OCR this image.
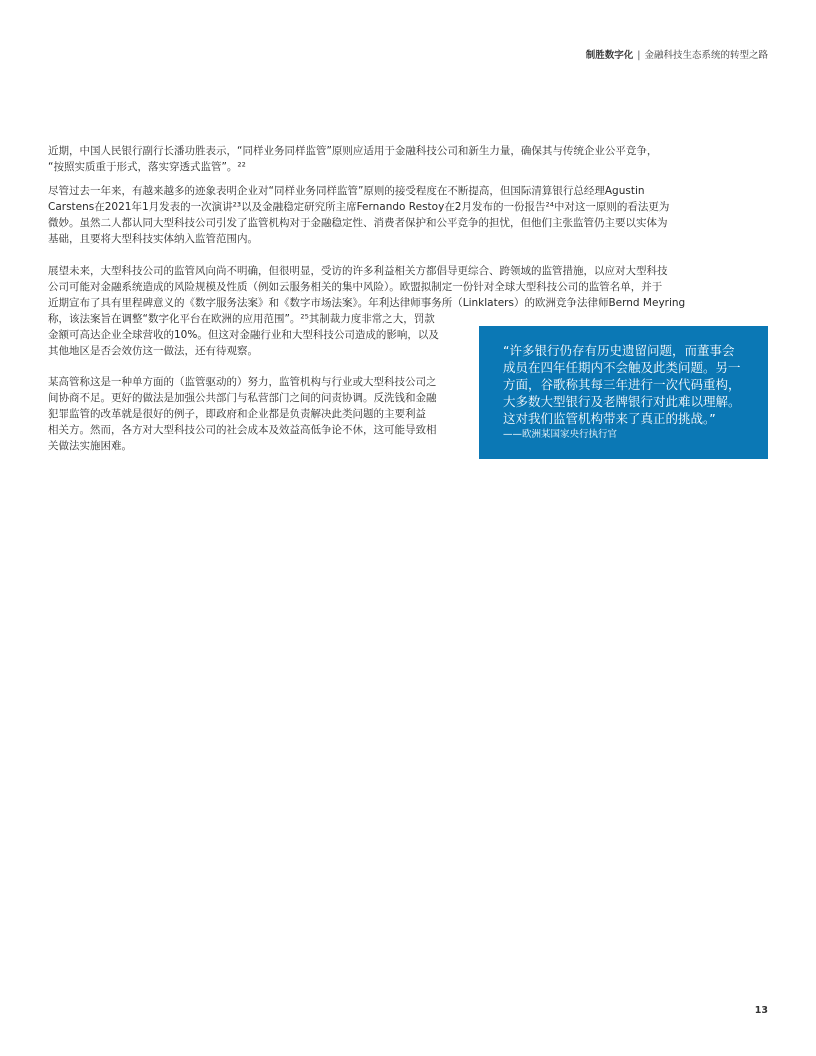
制胜数字化 | 金融科技生态系统的转型之路

近期，中国人民银行副行长潘功胜表示，“同样业务同样监管”原则应适用于金融科技公司和新生力量，确保其与传统企业公平竞争，
“按照实质重于形式，落实穿透式监管”。²²

尽管过去一年来，有越来越多的迹象表明企业对“同样业务同样监管”原则的接受程度在不断提高，但国际清算银行总经理Agustin
Carstens在2021年1月发表的一次演讲²³以及金融稳定研究所主席Fernando Restoy在2月发布的一份报告²⁴中对这一原则的看法更为
微妙。虽然二人都认同大型科技公司引发了监管机构对于金融稳定性、消费者保护和公平竞争的担忧，但他们主张监管仍主要以实体为
基础，且要将大型科技实体纳入监管范围内。

展望未来，大型科技公司的监管风向尚不明确，但很明显，受访的许多利益相关方都倡导更综合、跨领域的监管措施，以应对大型科技
公司可能对金融系统造成的风险规模及性质（例如云服务相关的集中风险）。欧盟拟制定一份针对全球大型科技公司的监管名单，并于
近期宣布了具有里程碑意义的《数字服务法案》和《数字市场法案》。年利达律师事务所（Linklaters）的欧洲竞争法律师Bernd Meyring
称，该法案旨在调整“数字化平台在欧洲的应用范围”。²⁵其制裁力度非常之大，罚款
金额可高达企业全球营收的10%。但这对金融行业和大型科技公司造成的影响，以及
其他地区是否会效仿这一做法，还有待观察。

某高管称这是一种单方面的（监管驱动的）努力，监管机构与行业或大型科技公司之
间协商不足。更好的做法是加强公共部门与私营部门之间的问责协调。反洗钱和金融
犯罪监管的改革就是很好的例子，即政府和企业都是负责解决此类问题的主要利益
相关方。然而，各方对大型科技公司的社会成本及效益高低争论不休，这可能导致相
关做法实施困难。

“许多银行仍存有历史遗留问题，而董事会
成员在四年任期内不会触及此类问题。另一
方面，谷歌称其每三年进行一次代码重构，
大多数大型银行及老牌银行对此难以理解。
这对我们监管机构带来了真正的挑战。”
——欧洲某国家央行执行官
13
